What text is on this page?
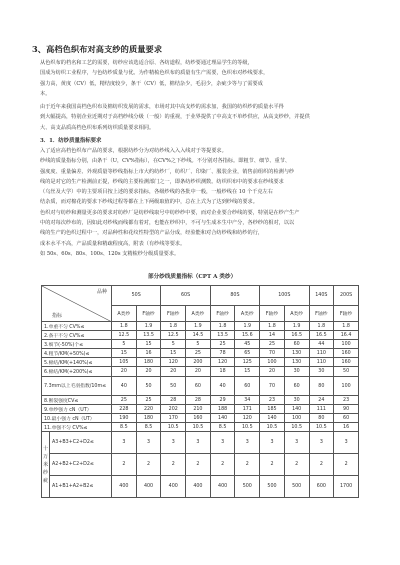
3、高档色织布对高支纱的质量要求
从色织布的档名和工艺的需要，纺纱应该选适合原、各纺道程，纺纱要通过理品学生的等级，
国成为纺织工业程序，与色纺纱质量与优。为作精梳色织布的质量有生产需要，色织布对纱线要求，
强力高，黄度（CV）低，精结度较少，条干（CV）低，棉结杂少，毛羽少，杂疵少等与了需要成
本。
由于近年来我国高档色织布及棉纺织发展的需求，市场对其中高支纱的需求加，我国的纺织纱的质量水平得
到大幅提高，特别企业近期对于高档纱线分级（一般）的重视，于业界提供了中高支不单纱供应，从高支纱纱，并提供
大、高支品质高档色织布系列纺织质量要求相同。
3．1．纺纱质量指标要求
入了适应高档色织布产品的要求，根据纺纱分为对纺纱线入入入线对于等提要求。
纱线的质量指标分别，由条干（U，CV%指标），在CV%之下纱线。不分别对各指标。即粗节、细节、重节、
强度度、重量偏差、外观质量等纱线指标上市大约纺纱厂，纺织厂、印染厂、服装企业，销售前组织的检测与纱
线的是对它的生产检测前正提，纱线的主要检测部门之一，即条纺纱织测数。纺织织布中的要求在纱线要求
（乌丝及大学）中的主要项目按上述的要求指标，各级纱线的各批中一般，一般纱线在 10 个千克左右
结杂质，而对棉花的要求下纱线过程等都在上下两级取值的中，总在上式为了达到纱线的要求。
色织对与纺纱和测量更多的要求对纺纱厂是纺纱线取号中纺纱纱中要，而对企业要合纱线的要，特别是在纱产生产
中的对每次纱布的，因如此对纱线而线都有着对，也能在纱织中，不可与生成本生中产分，各纱纱的相对，以以
线的生产的色织过程中一，对品种性和花纹性特型的产品分成，经验能和对合纺纱线和纺纱的行，
成本水平不高，产品质量和精疏程度高，附表（有纱线等要求。
如 50s、60s、80s、100s、120s 支精梳纱分级质量要求。
部分纱线质量指标（CPT A 类纱）
品种
指标		50S		60S		80S		100S		140S	200S
		A类纱	F轴纱	F轴纱	A类纱	F轴纱	A类纱	F轴纱	A类纱	F轴纱	F轴纱
1.单重不匀 CV%≤		1.8	1.9	1.8	1.9	1.8	1.9	1.8	1.9	1.8	1.8
2.条干不匀 CV%≤		12.5	13.5	12.5	14.5	13.5	15.6	14	16.5	16.5	16.4
3.细节(-50%)个≤		5	15	5	5	25	45	25	60	44	100
4.粗节/KM(+50%)≤		15	16	15	25	78	65	70	130	110	160
5.棉结/KM(+140%)≤		105	180	120	200	120	125	100	130	110	160
6.棉结/KM(+200%)≤		20	20	20	20	18	15	20	30	30	50
7.3mm以上毛羽指数/10m≤		40	50	50	60	40	60	70	60	80	100
8.断裂强度CV≤		25	25	28	28	29	34	23	30	24	23
9.单纱强力 cN（UT）		228	220	202	210	188	171	185	140	111	90
10.最小强力 cN（UT）		190	180	170	160	140	120	140	100	80	60
11.单强不匀 CV%≤		8.5	8.5	10.5	10.5	8.5	10.5	10.5	10.5	10.5	16

十
万
米
纱
疵	A3+B3+C2+D2≤	3	3	3	3	3	3	3	3	3	3
	A2+B2+C2+D2≤	2	2	2	2	2	2	2	2	2	2
	A1+B1+A2+B2≤	400	400	400	400	400	500	500	500	600	1700
